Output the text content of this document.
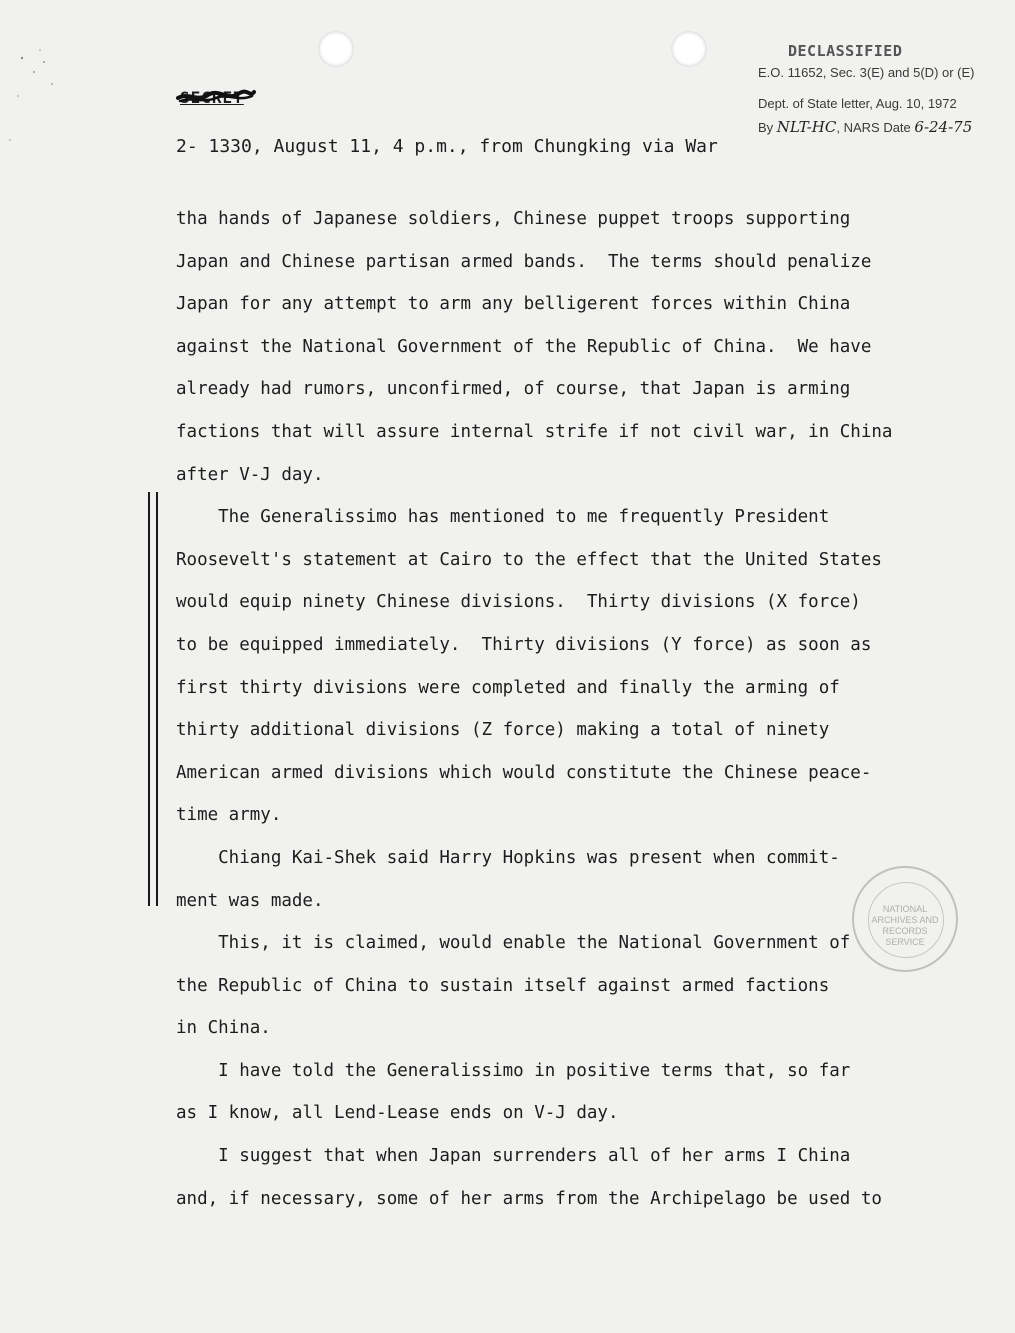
DECLASSIFIED
E.O. 11652, Sec. 3(E) and 5(D) or (E)
Dept. of State letter, Aug. 10, 1972
By NLT-HC, NARS Date 6-24-75
SECRET
2- 1330, August 11, 4 p.m., from Chungking via War

tha hands of Japanese soldiers, Chinese puppet troops supporting

Japan and Chinese partisan armed bands.  The terms should penalize

Japan for any attempt to arm any belligerent forces within China

against the National Government of the Republic of China.  We have

already had rumors, unconfirmed, of course, that Japan is arming

factions that will assure internal strife if not civil war, in China

after V-J day.

The Generalissimo has mentioned to me frequently President

Roosevelt's statement at Cairo to the effect that the United States

would equip ninety Chinese divisions.  Thirty divisions (X force)

to be equipped immediately.  Thirty divisions (Y force) as soon as

first thirty divisions were completed and finally the arming of

thirty additional divisions (Z force) making a total of ninety

American armed divisions which would constitute the Chinese peace-

time army.

Chiang Kai-Shek said Harry Hopkins was present when commit-

ment was made.

This, it is claimed, would enable the National Government of

the Republic of China to sustain itself against armed factions

in China.

I have told the Generalissimo in positive terms that, so far

as I know, all Lend-Lease ends on V-J day.

I suggest that when Japan surrenders all of her arms I China

and, if necessary, some of her arms from the Archipelago be used to

NATIONAL
ARCHIVES AND
RECORDS
SERVICE
